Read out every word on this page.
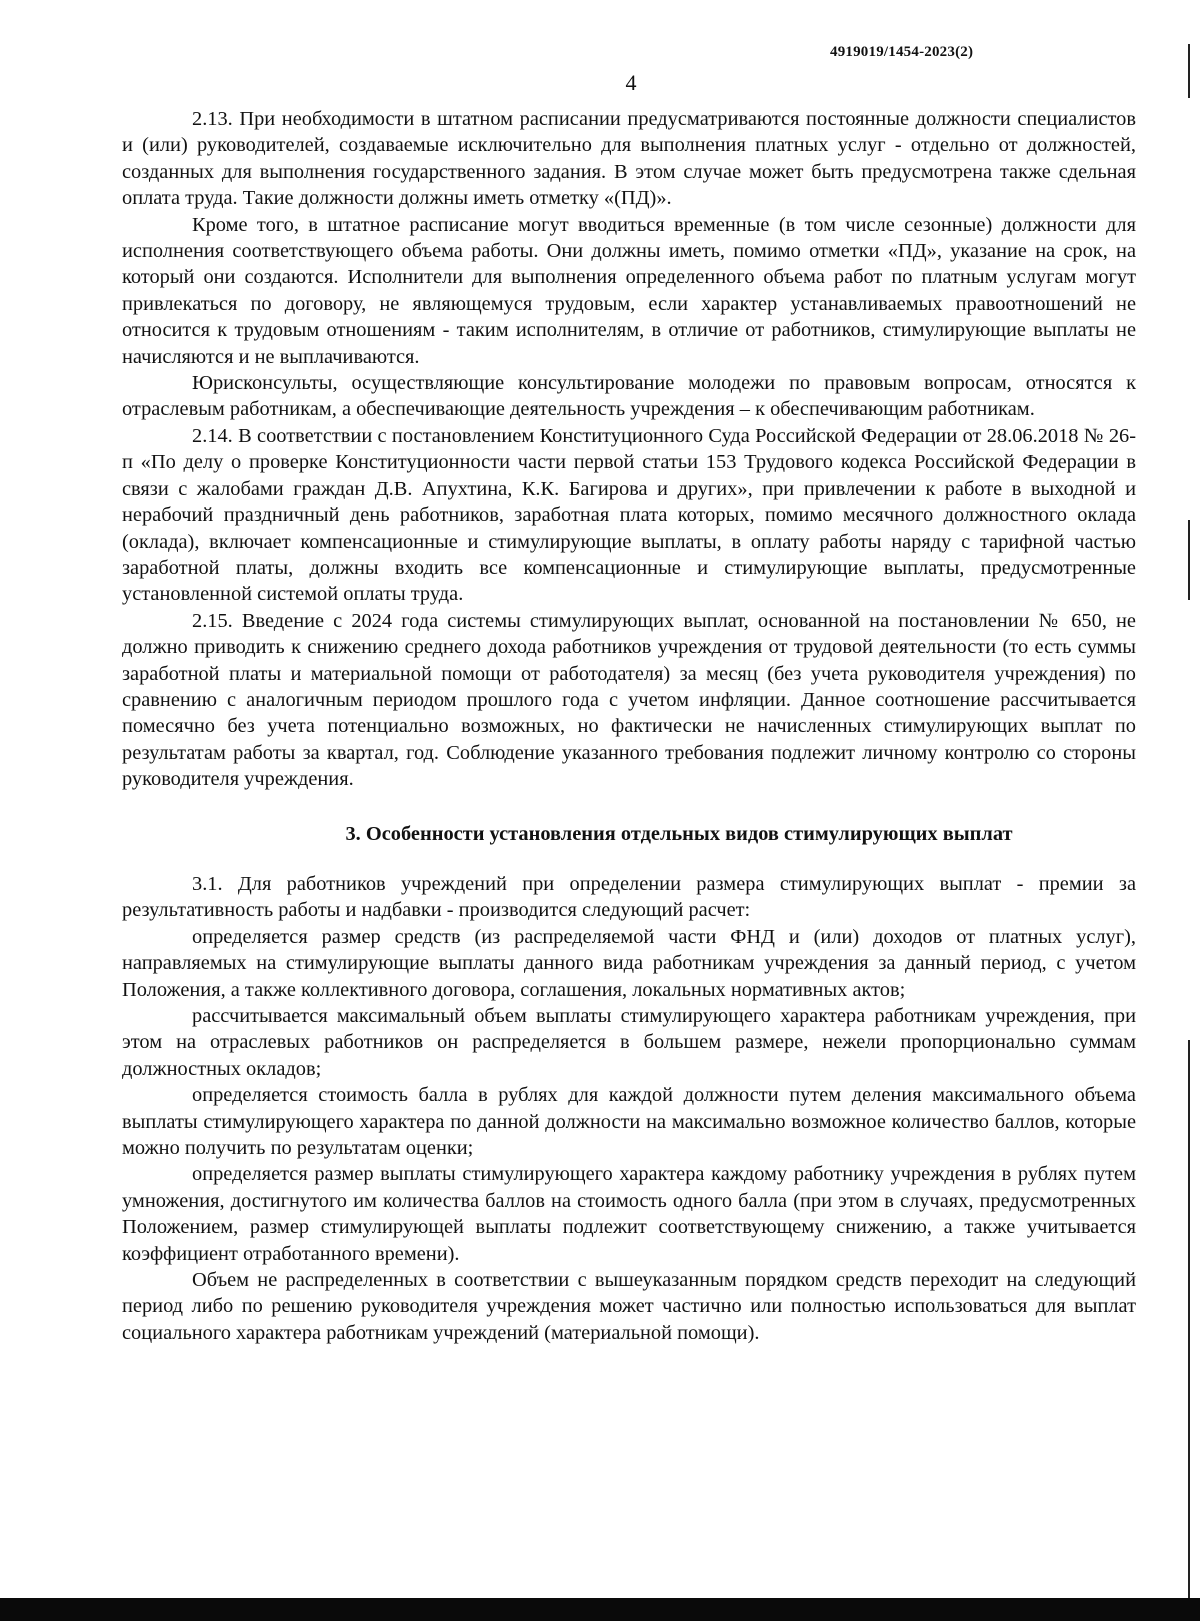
4919019/1454-2023(2)
4

2.13. При необходимости в штатном расписании предусматриваются постоянные должности специалистов и (или) руководителей, создаваемые исключительно для выполнения платных услуг - отдельно от должностей, созданных для выполнения государственного задания. В этом случае может быть предусмотрена также сдельная оплата труда. Такие должности должны иметь отметку «(ПД)».

Кроме того, в штатное расписание могут вводиться временные (в том числе сезонные) должности для исполнения соответствующего объема работы. Они должны иметь, помимо отметки «ПД», указание на срок, на который они создаются. Исполнители для выполнения определенного объема работ по платным услугам могут привлекаться по договору, не являющемуся трудовым, если характер устанавливаемых правоотношений не относится к трудовым отношениям - таким исполнителям, в отличие от работников, стимулирующие выплаты не начисляются и не выплачиваются.

Юрисконсульты, осуществляющие консультирование молодежи по правовым вопросам, относятся к отраслевым работникам, а обеспечивающие деятельность учреждения – к обеспечивающим работникам.

2.14. В соответствии с постановлением Конституционного Суда Российской Федерации от 28.06.2018 № 26-п «По делу о проверке Конституционности части первой статьи 153 Трудового кодекса Российской Федерации в связи с жалобами граждан Д.В. Апухтина, К.К. Багирова и других», при привлечении к работе в выходной и нерабочий праздничный день работников, заработная плата которых, помимо месячного должностного оклада (оклада), включает компенсационные и стимулирующие выплаты, в оплату работы наряду с тарифной частью заработной платы, должны входить все компенсационные и стимулирующие выплаты, предусмотренные установленной системой оплаты труда.

2.15. Введение с 2024 года системы стимулирующих выплат, основанной на постановлении № 650, не должно приводить к снижению среднего дохода работников учреждения от трудовой деятельности (то есть суммы заработной платы и материальной помощи от работодателя) за месяц (без учета руководителя учреждения) по сравнению с аналогичным периодом прошлого года с учетом инфляции. Данное соотношение рассчитывается помесячно без учета потенциально возможных, но фактически не начисленных стимулирующих выплат по результатам работы за квартал, год. Соблюдение указанного требования подлежит личному контролю со стороны руководителя учреждения.

3. Особенности установления отдельных видов стимулирующих выплат

3.1. Для работников учреждений при определении размера стимулирующих выплат - премии за результативность работы и надбавки - производится следующий расчет:

определяется размер средств (из распределяемой части ФНД и (или) доходов от платных услуг), направляемых на стимулирующие выплаты данного вида работникам учреждения за данный период, с учетом Положения, а также коллективного договора, соглашения, локальных нормативных актов;

рассчитывается максимальный объем выплаты стимулирующего характера работникам учреждения, при этом на отраслевых работников он распределяется в большем размере, нежели пропорционально суммам должностных окладов;

определяется стоимость балла в рублях для каждой должности путем деления максимального объема выплаты стимулирующего характера по данной должности на максимально возможное количество баллов, которые можно получить по результатам оценки;

определяется размер выплаты стимулирующего характера каждому работнику учреждения в рублях путем умножения, достигнутого им количества баллов на стоимость одного балла (при этом в случаях, предусмотренных Положением, размер стимулирующей выплаты подлежит соответствующему снижению, а также учитывается коэффициент отработанного времени).

Объем не распределенных в соответствии с вышеуказанным порядком средств переходит на следующий период либо по решению руководителя учреждения может частично или полностью использоваться для выплат социального характера работникам учреждений (материальной помощи).
